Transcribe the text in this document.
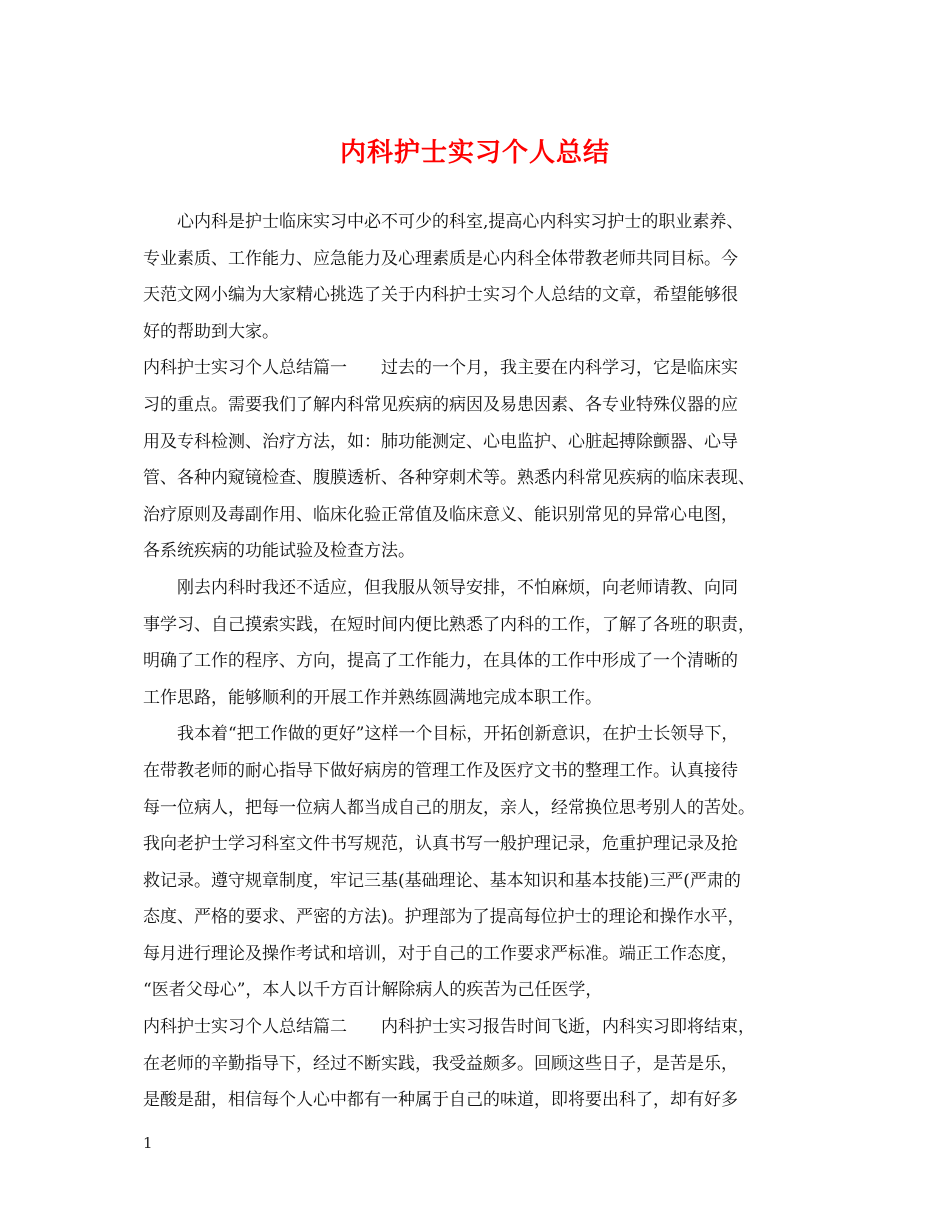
内科护士实习个人总结
心内科是护士临床实习中必不可少的科室,提高心内科实习护士的职业素养、
专业素质、工作能力、应急能力及心理素质是心内科全体带教老师共同目标。今
天范文网小编为大家精心挑选了关于内科护士实习个人总结的文章，希望能够很
好的帮助到大家。
内科护士实习个人总结篇一　　过去的一个月，我主要在内科学习，它是临床实
习的重点。需要我们了解内科常见疾病的病因及易患因素、各专业特殊仪器的应
用及专科检测、治疗方法，如：肺功能测定、心电监护、心脏起搏除颤器、心导
管、各种内窥镜检查、腹膜透析、各种穿刺术等。熟悉内科常见疾病的临床表现、
治疗原则及毒副作用、临床化验正常值及临床意义、能识别常见的异常心电图，
各系统疾病的功能试验及检查方法。
刚去内科时我还不适应，但我服从领导安排，不怕麻烦，向老师请教、向同
事学习、自己摸索实践，在短时间内便比熟悉了内科的工作，了解了各班的职责，
明确了工作的程序、方向，提高了工作能力，在具体的工作中形成了一个清晰的
工作思路，能够顺利的开展工作并熟练圆满地完成本职工作。
我本着“把工作做的更好”这样一个目标，开拓创新意识，在护士长领导下，
在带教老师的耐心指导下做好病房的管理工作及医疗文书的整理工作。认真接待
每一位病人，把每一位病人都当成自己的朋友，亲人，经常换位思考别人的苦处。
我向老护士学习科室文件书写规范，认真书写一般护理记录，危重护理记录及抢
救记录。遵守规章制度，牢记三基(基础理论、基本知识和基本技能)三严(严肃的
态度、严格的要求、严密的方法)。护理部为了提高每位护士的理论和操作水平，
每月进行理论及操作考试和培训，对于自己的工作要求严标准。端正工作态度，
“医者父母心”，本人以千方百计解除病人的疾苦为己任医学，
内科护士实习个人总结篇二　　内科护士实习报告时间飞逝，内科实习即将结束，
在老师的辛勤指导下，经过不断实践，我受益颇多。回顾这些日子，是苦是乐，
是酸是甜，相信每个人心中都有一种属于自己的味道，即将要出科了，却有好多
1
